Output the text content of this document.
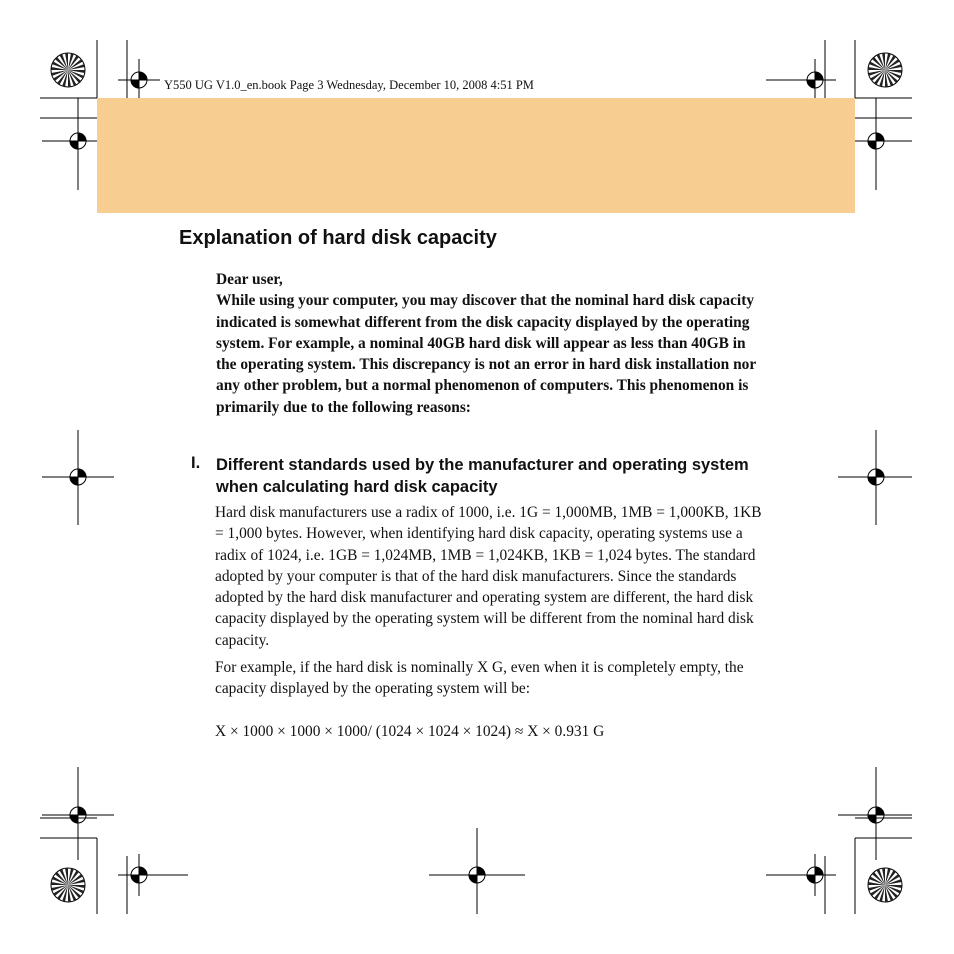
Y550 UG V1.0_en.book Page 3 Wednesday, December 10, 2008 4:51 PM
Explanation of hard disk capacity

Dear user,

While using your computer, you may discover that the nominal hard disk capacity indicated is somewhat different from the disk capacity displayed by the operating system. For example, a nominal 40GB hard disk will appear as less than 40GB in the operating system. This discrepancy is not an error in hard disk installation nor any other problem, but a normal phenomenon of computers. This phenomenon is primarily due to the following reasons:

I. Different standards used by the manufacturer and operating system when calculating hard disk capacity

Hard disk manufacturers use a radix of 1000, i.e. 1G = 1,000MB, 1MB = 1,000KB, 1KB = 1,000 bytes. However, when identifying hard disk capacity, operating systems use a radix of 1024, i.e. 1GB = 1,024MB, 1MB = 1,024KB, 1KB = 1,024 bytes. The standard adopted by your computer is that of the hard disk manufacturers. Since the standards adopted by the hard disk manufacturer and operating system are different, the hard disk capacity displayed by the operating system will be different from the nominal hard disk capacity.

For example, if the hard disk is nominally X G, even when it is completely empty, the capacity displayed by the operating system will be:

X × 1000 × 1000 × 1000/ (1024 × 1024 × 1024) ≈ X × 0.931 G
